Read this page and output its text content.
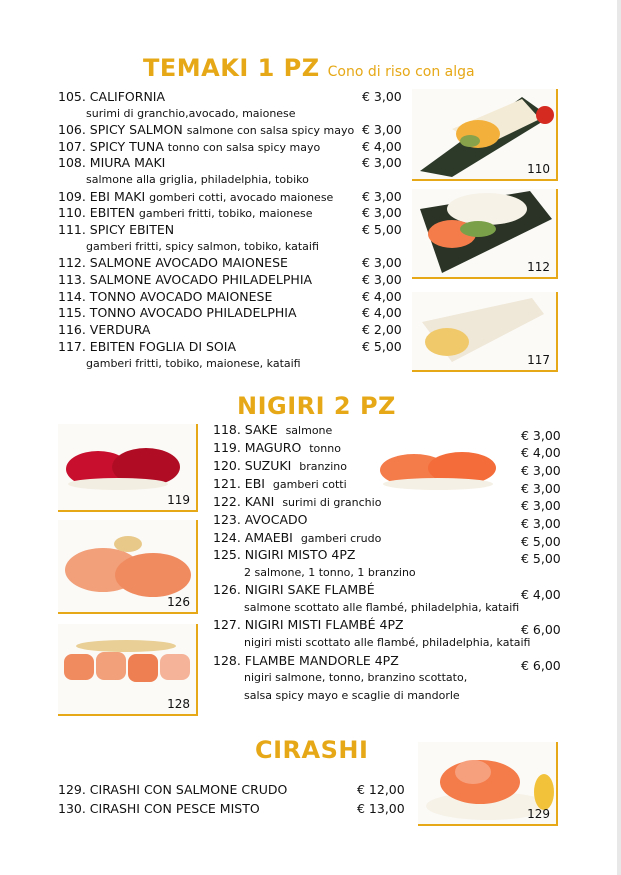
TEMAKI 1 PZ Cono di riso con alga
105. CALIFORNIA	€ 3,00
surimi di granchio,avocado, maionese
106. SPICY SALMON salmone con salsa spicy mayo € 3,00
107. SPICY TUNA tonno con salsa spicy mayo	€ 4,00
108. MIURA MAKI	€ 3,00
salmone alla griglia, philadelphia, tobiko
109. EBI MAKI gomberi cotti, avocado maionese € 3,00
110. EBITEN gamberi fritti, tobiko, maionese	€ 3,00
111. SPICY EBITEN	€ 5,00
gamberi fritti, spicy salmon, tobiko, kataifi
112. SALMONE AVOCADO MAIONESE	€ 3,00
113. SALMONE AVOCADO PHILADELPHIA	€ 3,00
114. TONNO AVOCADO MAIONESE	€ 4,00
115. TONNO AVOCADO PHILADELPHIA	€ 4,00
116. VERDURA	€ 2,00
117. EBITEN FOGLIA DI SOIA	€ 5,00
gamberi fritti, tobiko, maionese, kataifi
110
112
117
NIGIRI 2 PZ
119
126
128
118. SAKE salmone	€ 3,00
119. MAGURO tonno	€ 4,00
120. SUZUKI branzino	€ 3,00
121. EBI gamberi cotti	€ 3,00
122. KANI surimi di granchio	€ 3,00
123. AVOCADO	€ 3,00
124. AMAEBI gamberi crudo	€ 5,00
125. NIGIRI MISTO 4PZ	€ 5,00
2 salmone, 1 tonno, 1 branzino
126. NIGIRI SAKE FLAMBÉ	€ 4,00
salmone scottato alle flambé, philadelphia, kataifi
127. NIGIRI MISTI FLAMBÉ 4PZ	€ 6,00
nigiri misti scottato alle flambé, philadelphia, kataifi
128. FLAMBE MANDORLE 4PZ	€ 6,00
nigiri salmone, tonno, branzino scottato,
salsa spicy mayo e scaglie di mandorle
CIRASHI
129. CIRASHI CON SALMONE CRUDO	€ 12,00
130. CIRASHI CON PESCE MISTO	€ 13,00	129
